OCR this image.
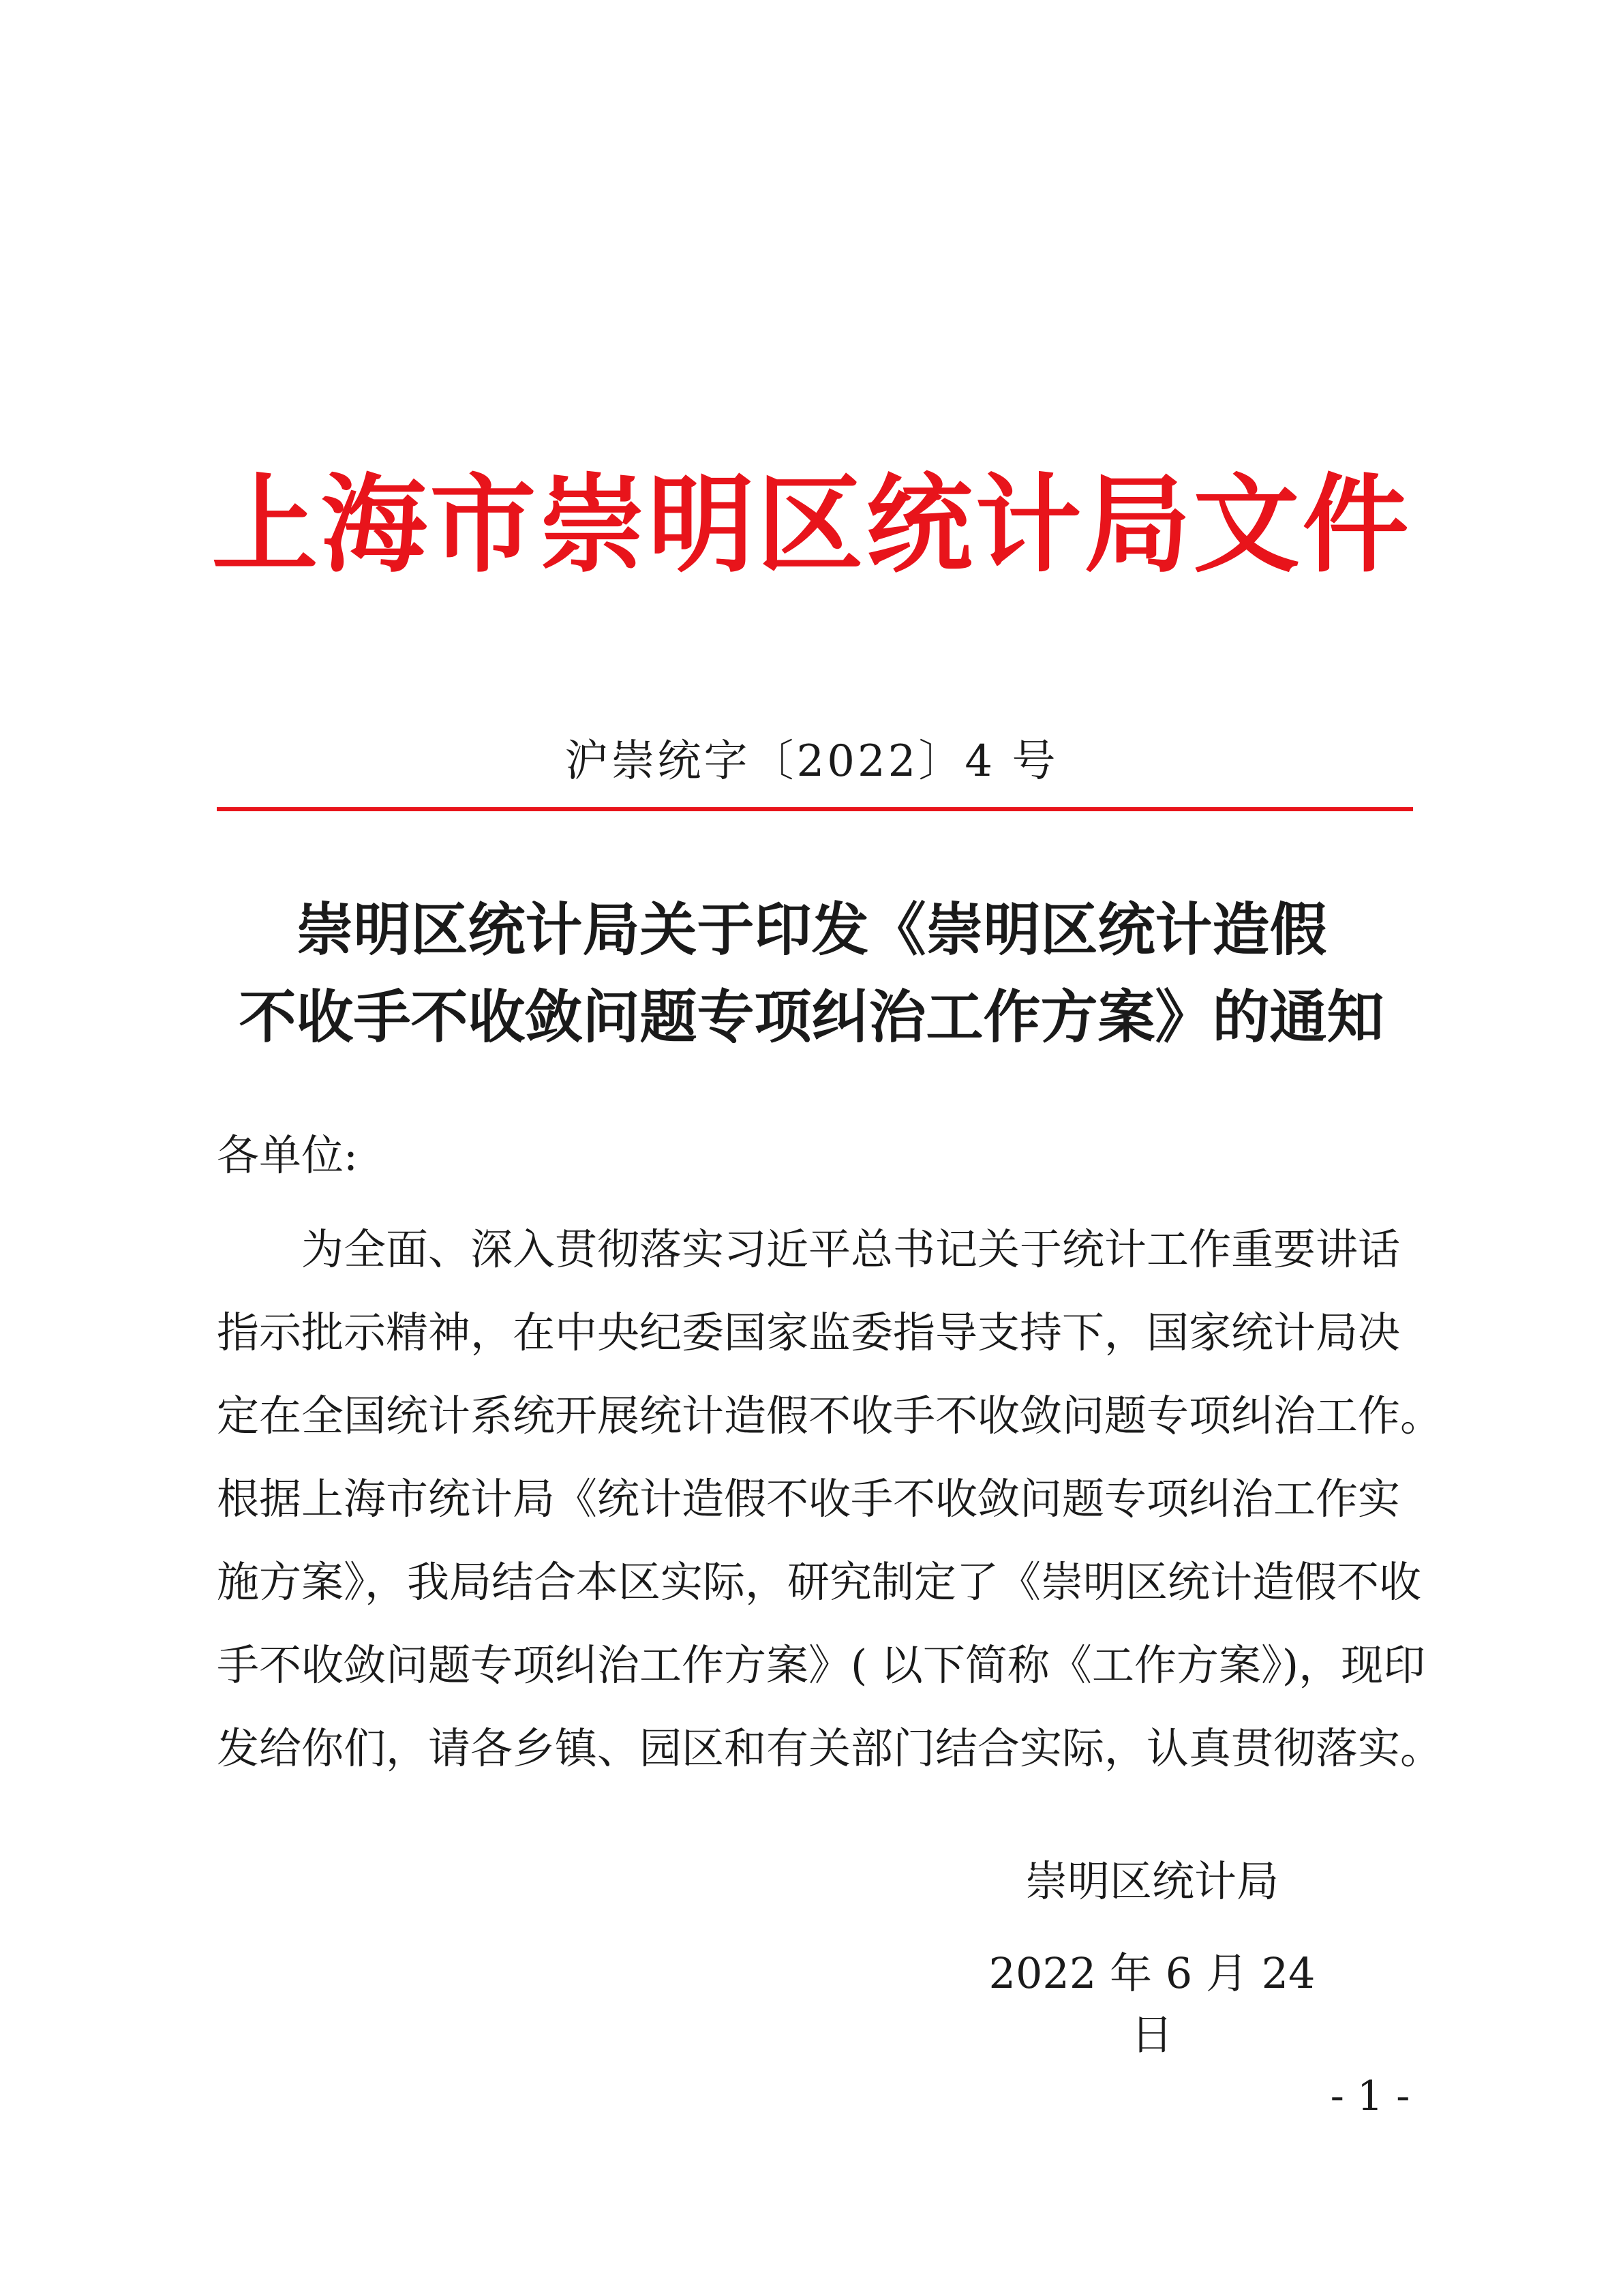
上海市崇明区统计局文件
沪崇统字〔2022〕4 号
崇明区统计局关于印发《崇明区统计造假
不收手不收敛问题专项纠治工作方案》的通知
各单位:
为全面、深入贯彻落实习近平总书记关于统计工作重要讲话
指示批示精神，在中央纪委国家监委指导支持下，国家统计局决
定在全国统计系统开展统计造假不收手不收敛问题专项纠治工作。
根据上海市统计局《统计造假不收手不收敛问题专项纠治工作实
施方案》，我局结合本区实际，研究制定了《崇明区统计造假不收
手不收敛问题专项纠治工作方案》( 以下简称《工作方案》)，现印
发给你们，请各乡镇、园区和有关部门结合实际，认真贯彻落实。
崇明区统计局
2022 年 6 月 24 日
- 1 -
